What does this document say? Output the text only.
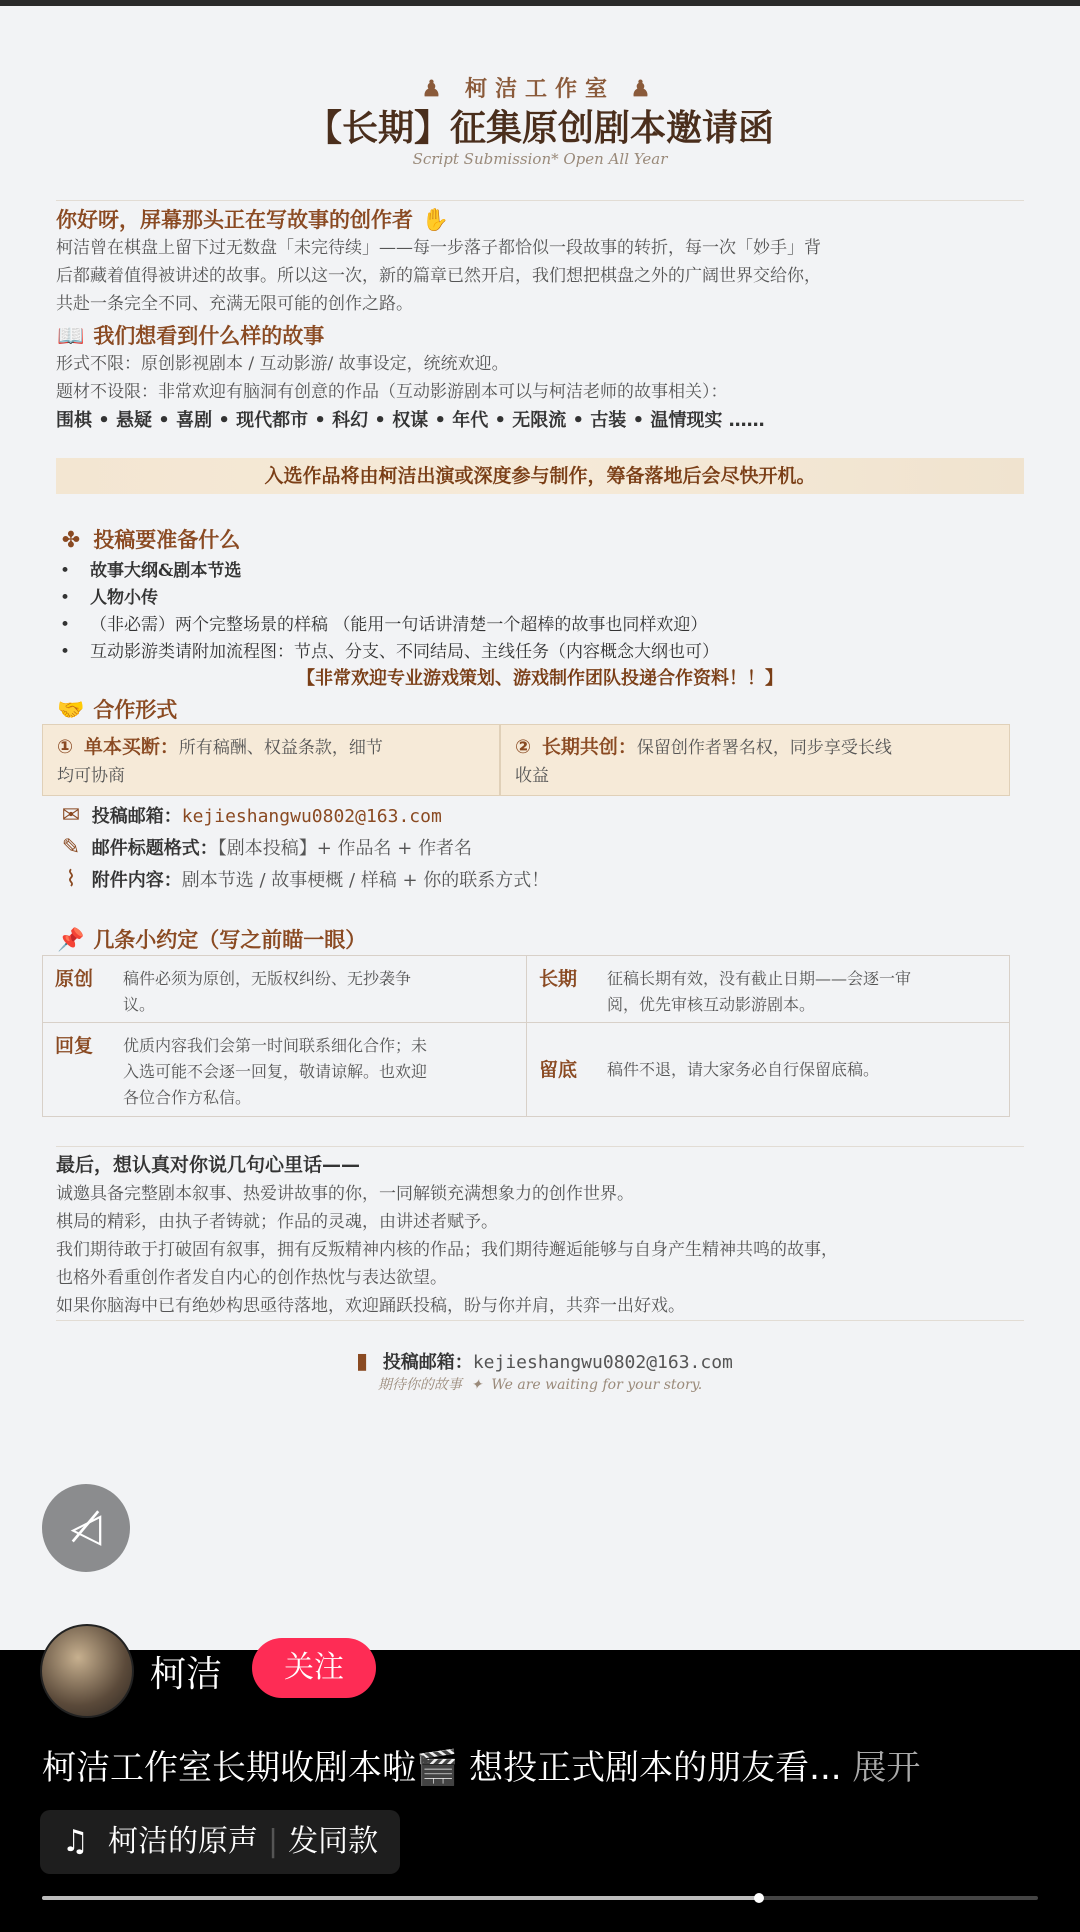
♟ 柯洁工作室 ♟
【长期】征集原创剧本邀请函
Script Submission* Open All Year
你好呀，屏幕那头正在写故事的创作者 ✋
柯洁曾在棋盘上留下过无数盘「未完待续」——每一步落子都恰似一段故事的转折，每一次「妙手」背
后都藏着值得被讲述的故事。所以这一次，新的篇章已然开启，我们想把棋盘之外的广阔世界交给你，
共赴一条完全不同、充满无限可能的创作之路。
📖 我们想看到什么样的故事
形式不限：原创影视剧本 / 互动影游/ 故事设定，统统欢迎。
题材不设限：非常欢迎有脑洞有创意的作品（互动影游剧本可以与柯洁老师的故事相关）：
围棋 • 悬疑 • 喜剧 • 现代都市 • 科幻 • 权谋 • 年代 • 无限流 • 古装 • 温情现实 ……
入选作品将由柯洁出演或深度参与制作，筹备落地后会尽快开机。
✤ 投稿要准备什么
• 故事大纲&剧本节选
• 人物小传
• （非必需）两个完整场景的样稿 （能用一句话讲清楚一个超棒的故事也同样欢迎）
• 互动影游类请附加流程图：节点、分支、不同结局、主线任务（内容概念大纲也可）
【非常欢迎专业游戏策划、游戏制作团队投递合作资料！！】
🤝 合作形式
① 单本买断：所有稿酬、权益条款，细节
均可协商
② 长期共创：保留创作者署名权，同步享受长线
收益
✉ 投稿邮箱：kejieshangwu0802@163.com
✎ 邮件标题格式：【剧本投稿】+ 作品名 + 作者名
⌇ 附件内容：剧本节选 / 故事梗概 / 样稿 + 你的联系方式！
📌 几条小约定（写之前瞄一眼）
原创 稿件必须为原创，无版权纠纷、无抄袭争
议。
长期 征稿长期有效，没有截止日期——会逐一审
阅，优先审核互动影游剧本。
回复 优质内容我们会第一时间联系细化合作；未
入选可能不会逐一回复，敬请谅解。也欢迎
各位合作方私信。
留底 稿件不退，请大家务必自行保留底稿。
最后，想认真对你说几句心里话——
诚邀具备完整剧本叙事、热爱讲故事的你，一同解锁充满想象力的创作世界。
棋局的精彩，由执子者铸就；作品的灵魂，由讲述者赋予。
我们期待敢于打破固有叙事，拥有反叛精神内核的作品；我们期待邂逅能够与自身产生精神共鸣的故事，
也格外看重创作者发自内心的创作热忱与表达欲望。
如果你脑海中已有绝妙构思亟待落地，欢迎踊跃投稿，盼与你并肩，共弈一出好戏。
▮ 投稿邮箱：kejieshangwu0802@163.com
期待你的故事  ✦  We are waiting for your story.
◁̸
柯洁	关注
柯洁工作室长期收剧本啦🎬 想投正式剧本的朋友看... 展开
♫ 柯洁的原声 | 发同款
